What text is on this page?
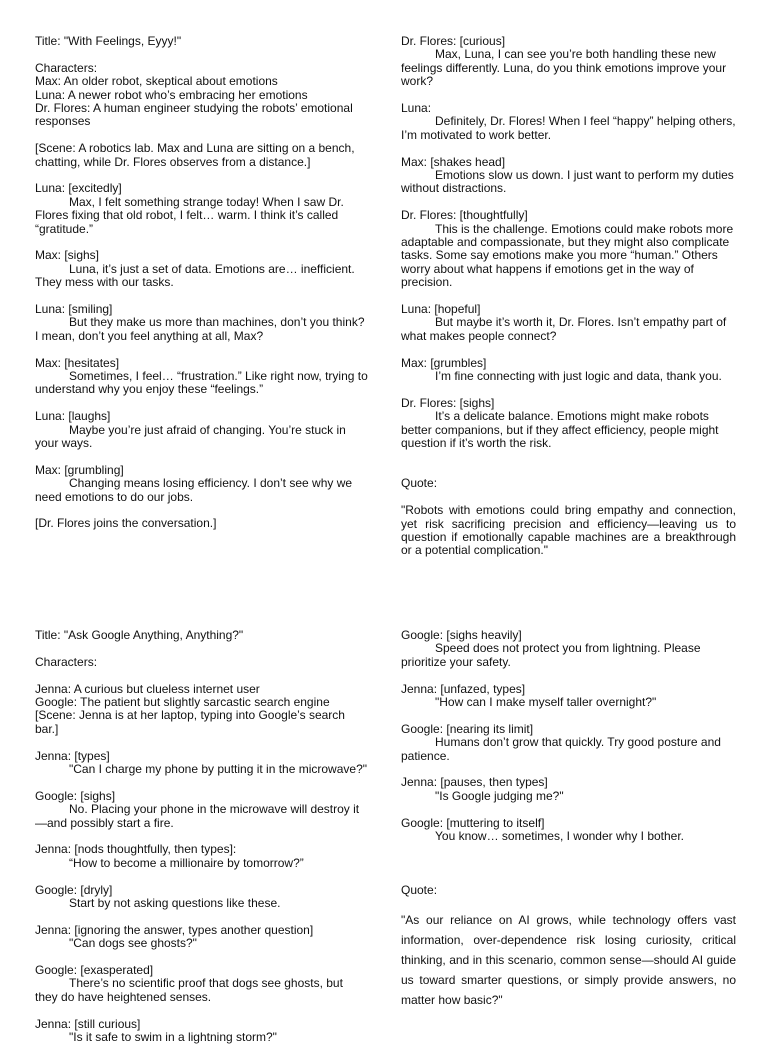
Title: "With Feelings, Eyyy!"

Characters:

Max: An older robot, skeptical about emotions

Luna: A newer robot who’s embracing her emotions

Dr. Flores: A human engineer studying the robots’ emotional responses

[Scene: A robotics lab. Max and Luna are sitting on a bench, chatting, while Dr. Flores observes from a distance.]

Luna: [excitedly]

Max, I felt something strange today! When I saw Dr. Flores fixing that old robot, I felt… warm. I think it’s called “gratitude.”

Max: [sighs]

Luna, it’s just a set of data. Emotions are… inefficient. They mess with our tasks.

Luna: [smiling]

But they make us more than machines, don’t you think? I mean, don’t you feel anything at all, Max?

Max: [hesitates]

Sometimes, I feel… “frustration.” Like right now, trying to understand why you enjoy these “feelings.”

Luna: [laughs]

Maybe you’re just afraid of changing. You’re stuck in your ways.

Max: [grumbling]

Changing means losing efficiency. I don’t see why we need emotions to do our jobs.

[Dr. Flores joins the conversation.]

Dr. Flores: [curious]

Max, Luna, I can see you’re both handling these new feelings differently. Luna, do you think emotions improve your work?

Luna:

Definitely, Dr. Flores! When I feel “happy” helping others, I’m motivated to work better.

Max: [shakes head]

Emotions slow us down. I just want to perform my duties without distractions.

Dr. Flores: [thoughtfully]

This is the challenge. Emotions could make robots more adaptable and compassionate, but they might also complicate tasks. Some say emotions make you more “human.” Others worry about what happens if emotions get in the way of precision.

Luna: [hopeful]

But maybe it’s worth it, Dr. Flores. Isn’t empathy part of what makes people connect?

Max: [grumbles]

I’m fine connecting with just logic and data, thank you.

Dr. Flores: [sighs]

It’s a delicate balance. Emotions might make robots better companions, but if they affect efficiency, people might question if it’s worth the risk.

Quote:

"Robots with emotions could bring empathy and connection, yet risk sacrificing precision and efficiency—leaving us to question if emotionally capable machines are a breakthrough or a potential complication."

Title: "Ask Google Anything, Anything?"

Characters:

Jenna: A curious but clueless internet user

Google: The patient but slightly sarcastic search engine

[Scene: Jenna is at her laptop, typing into Google’s search bar.]

Jenna: [types]

"Can I charge my phone by putting it in the microwave?"

Google: [sighs]

No. Placing your phone in the microwave will destroy it—and possibly start a fire.

Jenna: [nods thoughtfully, then types]:

“How to become a millionaire by tomorrow?”

Google: [dryly]

Start by not asking questions like these.

Jenna: [ignoring the answer, types another question]

"Can dogs see ghosts?"

Google: [exasperated]

There’s no scientific proof that dogs see ghosts, but they do have heightened senses.

Jenna: [still curious]

"Is it safe to swim in a lightning storm?"

Google: [sighs heavily]

Speed does not protect you from lightning. Please prioritize your safety.

Jenna: [unfazed, types]

"How can I make myself taller overnight?"

Google: [nearing its limit]

Humans don’t grow that quickly. Try good posture and patience.

Jenna: [pauses, then types]

"Is Google judging me?"

Google: [muttering to itself]

You know… sometimes, I wonder why I bother.

Quote:

"As our reliance on AI grows, while technology offers vast information, over-dependence risk losing curiosity, critical thinking, and in this scenario, common sense—should AI guide us toward smarter questions, or simply provide answers, no matter how basic?"
